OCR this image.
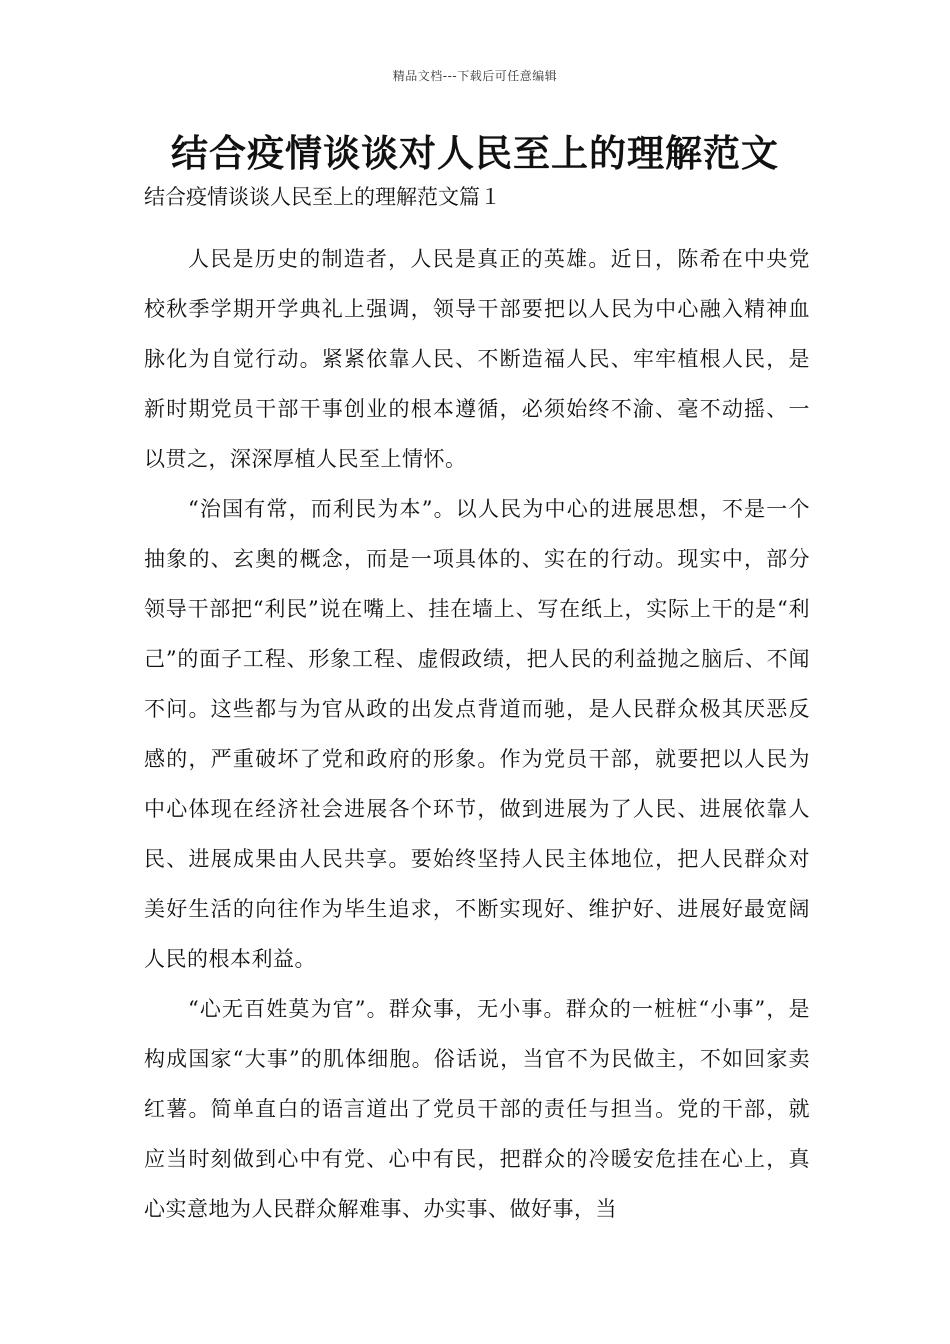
精品文档---下载后可任意编辑
结合疫情谈谈对人民至上的理解范文

结合疫情谈谈人民至上的理解范文篇１

人民是历史的制造者，人民是真正的英雄。近日，陈希在中央党校秋季学期开学典礼上强调，领导干部要把以人民为中心融入精神血脉化为自觉行动。紧紧依靠人民、不断造福人民、牢牢植根人民，是新时期党员干部干事创业的根本遵循，必须始终不渝、毫不动摇、一以贯之，深深厚植人民至上情怀。

“治国有常，而利民为本”。以人民为中心的进展思想，不是一个抽象的、玄奥的概念，而是一项具体的、实在的行动。现实中，部分领导干部把“利民”说在嘴上、挂在墙上、写在纸上，实际上干的是“利己”的面子工程、形象工程、虚假政绩，把人民的利益抛之脑后、不闻不问。这些都与为官从政的出发点背道而驰，是人民群众极其厌恶反感的，严重破坏了党和政府的形象。作为党员干部，就要把以人民为中心体现在经济社会进展各个环节，做到进展为了人民、进展依靠人民、进展成果由人民共享。要始终坚持人民主体地位，把人民群众对美好生活的向往作为毕生追求，不断实现好、维护好、进展好最宽阔人民的根本利益。

“心无百姓莫为官”。群众事，无小事。群众的一桩桩“小事”，是构成国家“大事”的肌体细胞。俗话说，当官不为民做主，不如回家卖红薯。简单直白的语言道出了党员干部的责任与担当。党的干部，就应当时刻做到心中有党、心中有民，把群众的冷暖安危挂在心上，真心实意地为人民群众解难事、办实事、做好事，当
